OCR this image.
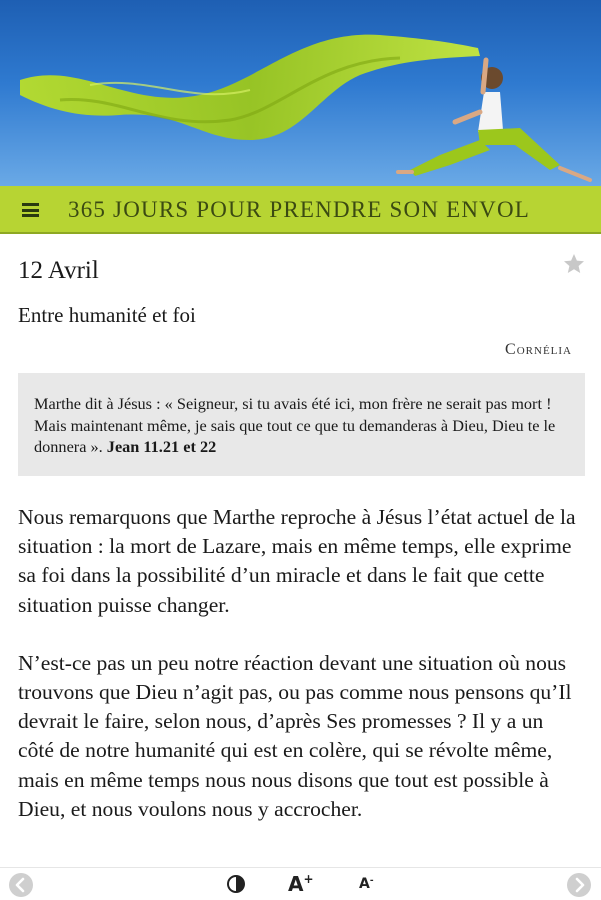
365 JOURS POUR PRENDRE SON ENVOL
12 Avril
Entre humanité et foi
Cornélia
Marthe dit à Jésus : « Seigneur, si tu avais été ici, mon frère ne serait pas mort ! Mais maintenant même, je sais que tout ce que tu demanderas à Dieu, Dieu te le donnera ». Jean 11.21 et 22

Nous remarquons que Marthe reproche à Jésus l’état actuel de la situation : la mort de Lazare, mais en même temps, elle exprime sa foi dans la possibilité d’un miracle et dans le fait que cette situation puisse changer.

N’est-ce pas un peu notre réaction devant une situation où nous trouvons que Dieu n’agit pas, ou pas comme nous pensons qu’Il devrait le faire, selon nous, d’après Ses promesses ? Il y a un côté de notre humanité qui est en colère, qui se révolte même, mais en même temps nous nous disons que tout est possible à Dieu, et nous voulons nous y accrocher.

A+	A-
